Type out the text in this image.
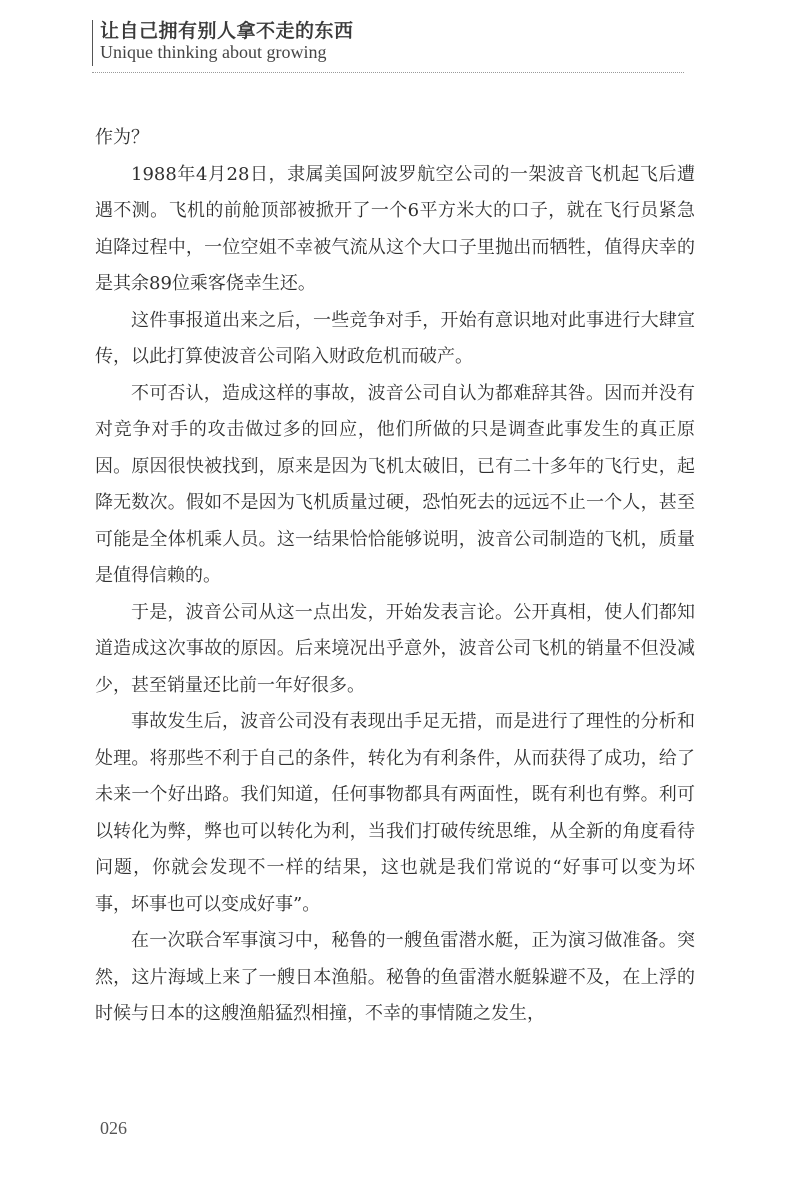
让自己拥有别人拿不走的东西
Unique thinking about growing

作为？

1988年4月28日，隶属美国阿波罗航空公司的一架波音飞机起飞后遭遇不测。飞机的前舱顶部被掀开了一个6平方米大的口子，就在飞行员紧急迫降过程中，一位空姐不幸被气流从这个大口子里抛出而牺牲，值得庆幸的是其余89位乘客侥幸生还。

这件事报道出来之后，一些竞争对手，开始有意识地对此事进行大肆宣传，以此打算使波音公司陷入财政危机而破产。

不可否认，造成这样的事故，波音公司自认为都难辞其咎。因而并没有对竞争对手的攻击做过多的回应，他们所做的只是调查此事发生的真正原因。原因很快被找到，原来是因为飞机太破旧，已有二十多年的飞行史，起降无数次。假如不是因为飞机质量过硬，恐怕死去的远远不止一个人，甚至可能是全体机乘人员。这一结果恰恰能够说明，波音公司制造的飞机，质量是值得信赖的。

于是，波音公司从这一点出发，开始发表言论。公开真相，使人们都知道造成这次事故的原因。后来境况出乎意外，波音公司飞机的销量不但没减少，甚至销量还比前一年好很多。

事故发生后，波音公司没有表现出手足无措，而是进行了理性的分析和处理。将那些不利于自己的条件，转化为有利条件，从而获得了成功，给了未来一个好出路。我们知道，任何事物都具有两面性，既有利也有弊。利可以转化为弊，弊也可以转化为利，当我们打破传统思维，从全新的角度看待问题，你就会发现不一样的结果，这也就是我们常说的“好事可以变为坏事，坏事也可以变成好事”。

在一次联合军事演习中，秘鲁的一艘鱼雷潜水艇，正为演习做准备。突然，这片海域上来了一艘日本渔船。秘鲁的鱼雷潜水艇躲避不及，在上浮的时候与日本的这艘渔船猛烈相撞，不幸的事情随之发生，

026
